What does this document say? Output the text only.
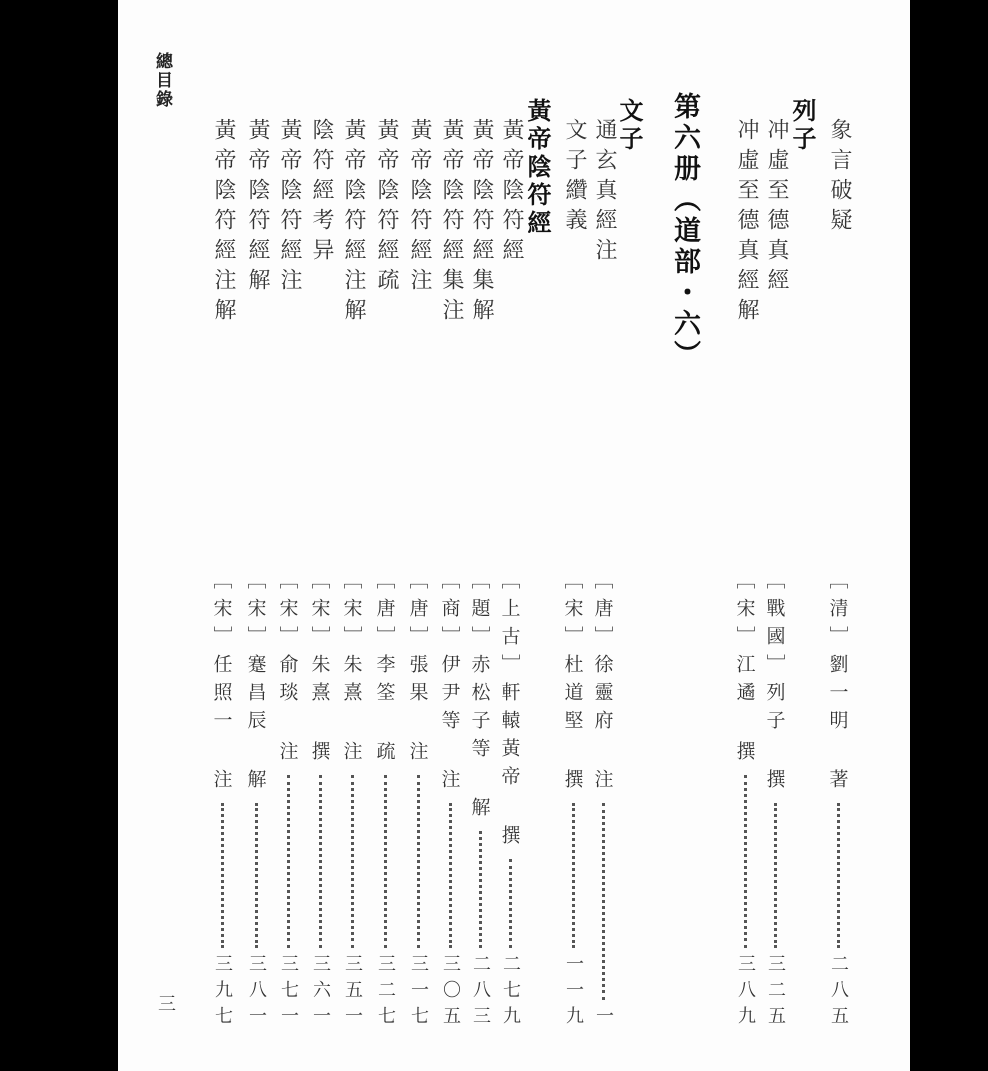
總目錄
三
象言破疑
［清］劉一明 著
二八五
列子
冲虛至德真經
［戰國］列子 撰
三二五
冲虛至德真經解
［宋］江遹 撰
三八九
第六册（道部・六）
文子
通玄真經注
［唐］徐靈府 注
一
文子纘義
［宋］杜道堅 撰
一一九
黃帝陰符經
黃帝陰符經
［上古］軒轅黃帝 撰
二七九
黃帝陰符經集解
［題］赤松子等 解
二八三
黃帝陰符經集注
［商］伊尹等 注
三〇五
黃帝陰符經注
［唐］張果 注
三一七
黃帝陰符經疏
［唐］李筌 疏
三二七
黃帝陰符經注解
［宋］朱熹 注
三五一
陰符經考异
［宋］朱熹 撰
三六一
黃帝陰符經注
［宋］俞琰 注
三七一
黃帝陰符經解
［宋］蹇昌辰 解
三八一
黃帝陰符經注解
［宋］任照一 注
三九七
